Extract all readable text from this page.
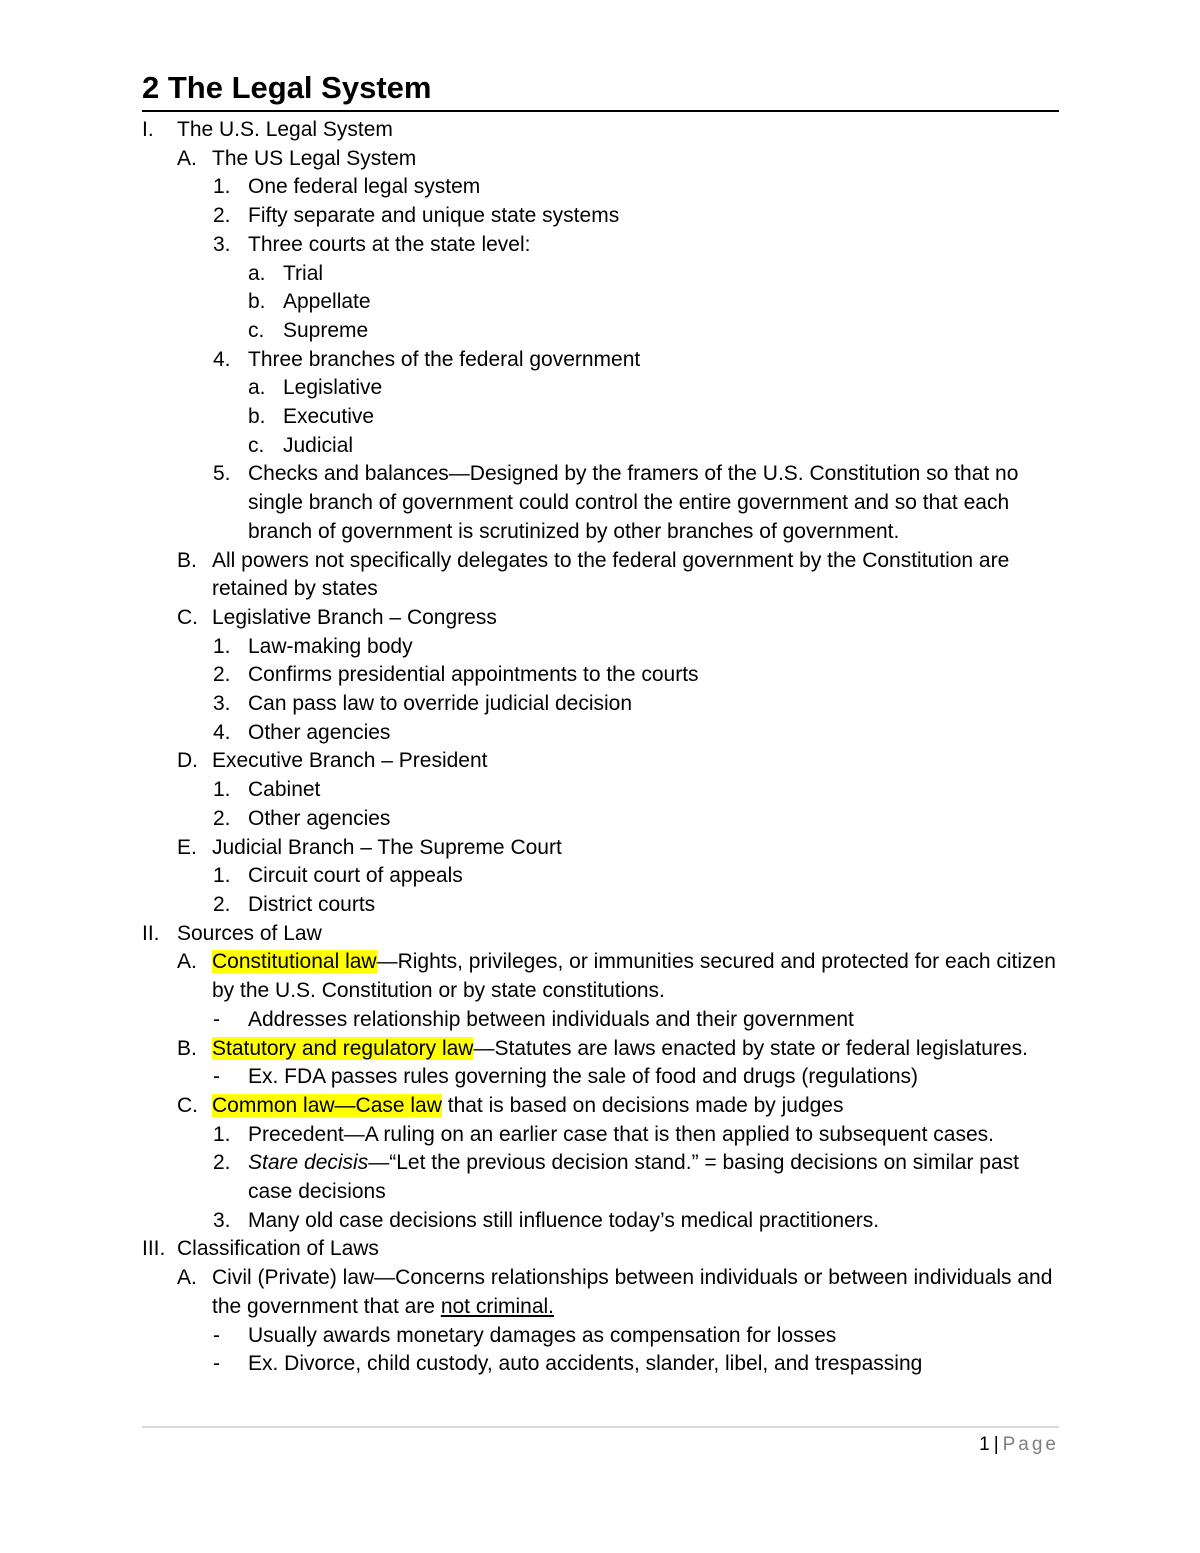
2 The Legal System
I. The U.S. Legal System
A. The US Legal System
1. One federal legal system
2. Fifty separate and unique state systems
3. Three courts at the state level:
a. Trial
b. Appellate
c. Supreme
4. Three branches of the federal government
a. Legislative
b. Executive
c. Judicial
5. Checks and balances—Designed by the framers of the U.S. Constitution so that no single branch of government could control the entire government and so that each branch of government is scrutinized by other branches of government.
B. All powers not specifically delegates to the federal government by the Constitution are retained by states
C. Legislative Branch – Congress
1. Law-making body
2. Confirms presidential appointments to the courts
3. Can pass law to override judicial decision
4. Other agencies
D. Executive Branch – President
1. Cabinet
2. Other agencies
E. Judicial Branch – The Supreme Court
1. Circuit court of appeals
2. District courts
II. Sources of Law
A. Constitutional law—Rights, privileges, or immunities secured and protected for each citizen by the U.S. Constitution or by state constitutions.
- Addresses relationship between individuals and their government
B. Statutory and regulatory law—Statutes are laws enacted by state or federal legislatures.
- Ex. FDA passes rules governing the sale of food and drugs (regulations)
C. Common law—Case law that is based on decisions made by judges
1. Precedent—A ruling on an earlier case that is then applied to subsequent cases.
2. Stare decisis—“Let the previous decision stand.” = basing decisions on similar past case decisions
3. Many old case decisions still influence today’s medical practitioners.
III. Classification of Laws
A. Civil (Private) law—Concerns relationships between individuals or between individuals and the government that are not criminal.
- Usually awards monetary damages as compensation for losses
- Ex. Divorce, child custody, auto accidents, slander, libel, and trespassing
1 | Page
